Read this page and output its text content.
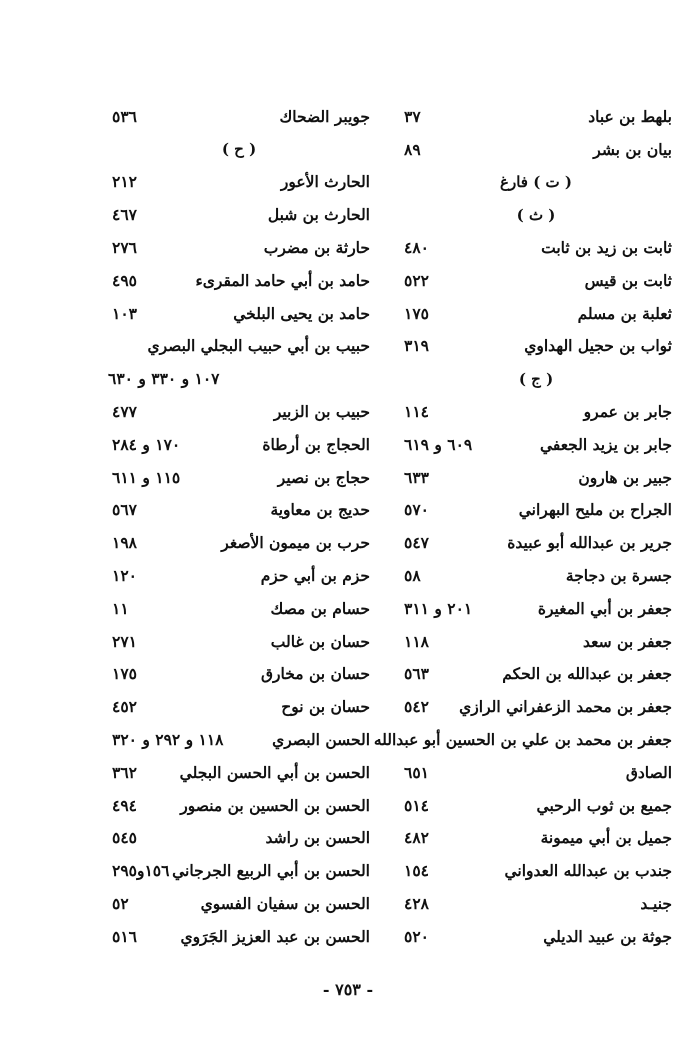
بلهط بن عباد
٣٧
بيان بن بشر
٨٩
( ت ) فارغ
( ث )
ثابت بن زيد بن ثابت
٤٨٠
ثابت بن قيس
٥٢٢
ثعلبة بن مسلم
١٧٥
ثواب بن حجيل الهداوي
٣١٩
( ج )
جابر بن عمرو
١١٤
جابر بن يزيد الجعفي
٦٠٩ و ٦١٩
جبير بن هارون
٦٣٣
الجراح بن مليح البهراني
٥٧٠
جرير بن عبدالله أبو عبيدة
٥٤٧
جسرة بن دجاجة
٥٨
جعفر بن أبي المغيرة
٢٠١ و ٣١١
جعفر بن سعد
١١٨
جعفر بن عبدالله بن الحكم
٥٦٣
جعفر بن محمد الزعفراني الرازي
٥٤٢
جعفر بن محمد بن علي بن الحسين أبو عبدالله
الصادق
٦٥١
جميع بن ثوب الرحبي
٥١٤
جميل بن أبي ميمونة
٤٨٢
جندب بن عبدالله العدواني
١٥٤
جنيـد
٤٢٨
جوثة بن عبيد الديلي
٥٢٠
جويبر الضحاك
٥٣٦
( ح )
الحارث الأعور
٢١٢
الحارث بن شبل
٤٦٧
حارثة بن مضرب
٢٧٦
حامد بن أبي حامد المقرىء
٤٩٥
حامد بن يحيى البلخي
١٠٣
حبيب بن أبي حبيب البجلي البصري
١٠٧ و ٣٣٠ و ٦٣٠
حبيب بن الزبير
٤٧٧
الحجاج بن أرطاة
١٧٠ و ٢٨٤
حجاج بن نصير
١١٥ و ٦١١
حديج بن معاوية
٥٦٧
حرب بن ميمون الأصغر
١٩٨
حزم بن أبي حزم
١٢٠
حسام بن مصك
١١
حسان بن غالب
٢٧١
حسان بن مخارق
١٧٥
حسان بن نوح
٤٥٢
الحسن البصري
١١٨ و ٢٩٢ و ٣٢٠
الحسن بن أبي الحسن البجلي
٣٦٢
الحسن بن الحسين بن منصور
٤٩٤
الحسن بن راشد
٥٤٥
الحسن بن أبي الربيع الجرجاني
١٥٦و٢٩٥
الحسن بن سفيان الفسوي
٥٢
الحسن بن عبد العزيز الجَرَوي
٥١٦
- ٧٥٣ -
